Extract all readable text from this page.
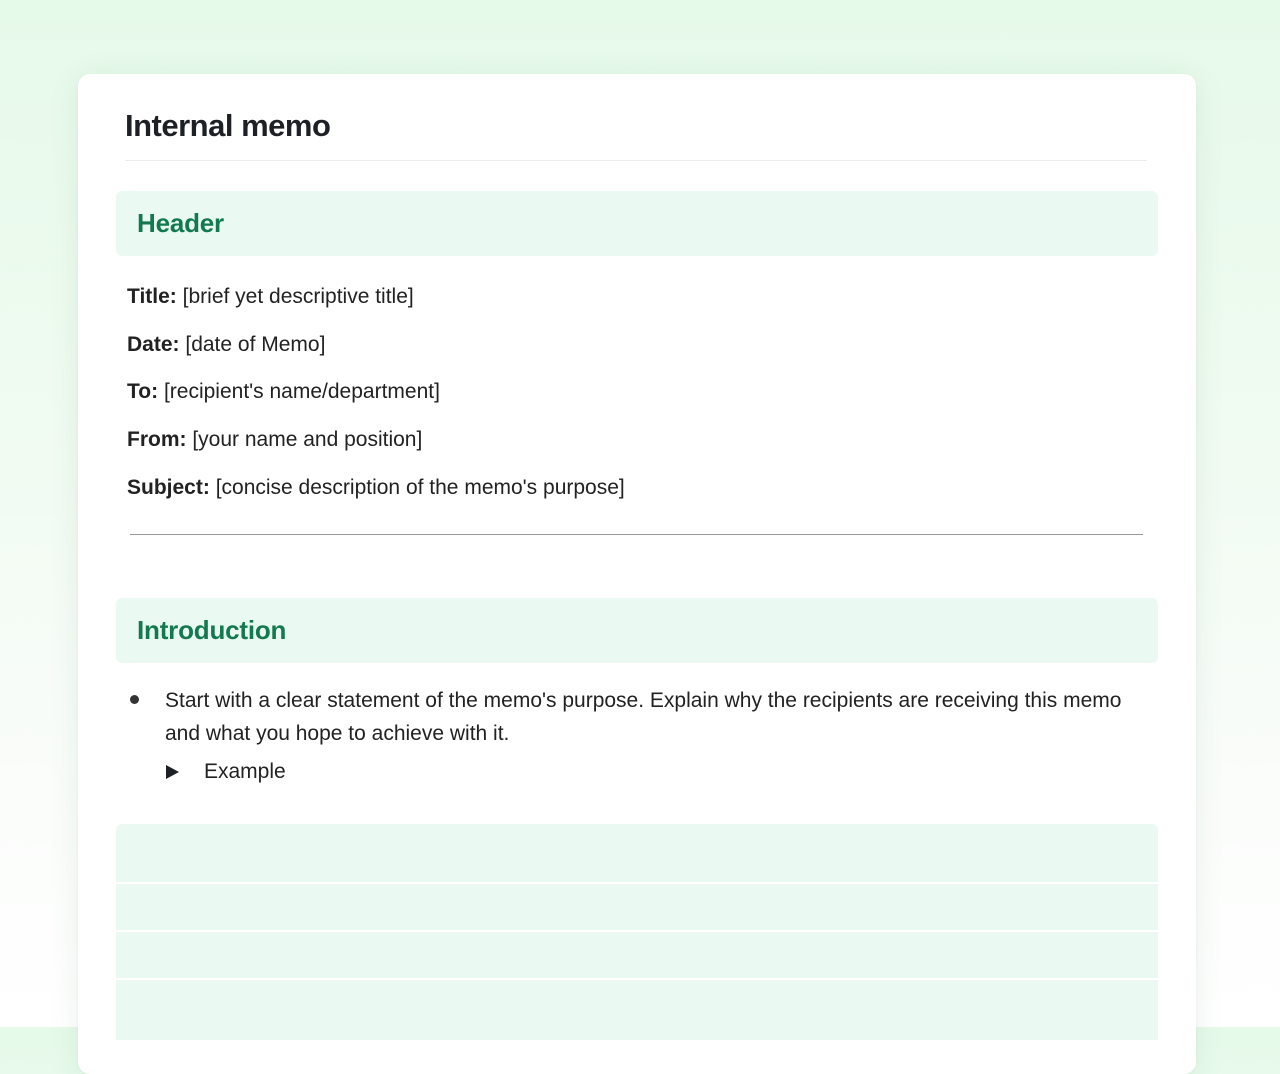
Internal memo
Header
Title: [brief yet descriptive title]
Date: [date of Memo]
To: [recipient's name/department]
From: [your name and position]
Subject: [concise description of the memo's purpose]
Introduction

Start with a clear statement of the memo's purpose. Explain why the recipients are receiving this memo and what you hope to achieve with it.

Example
